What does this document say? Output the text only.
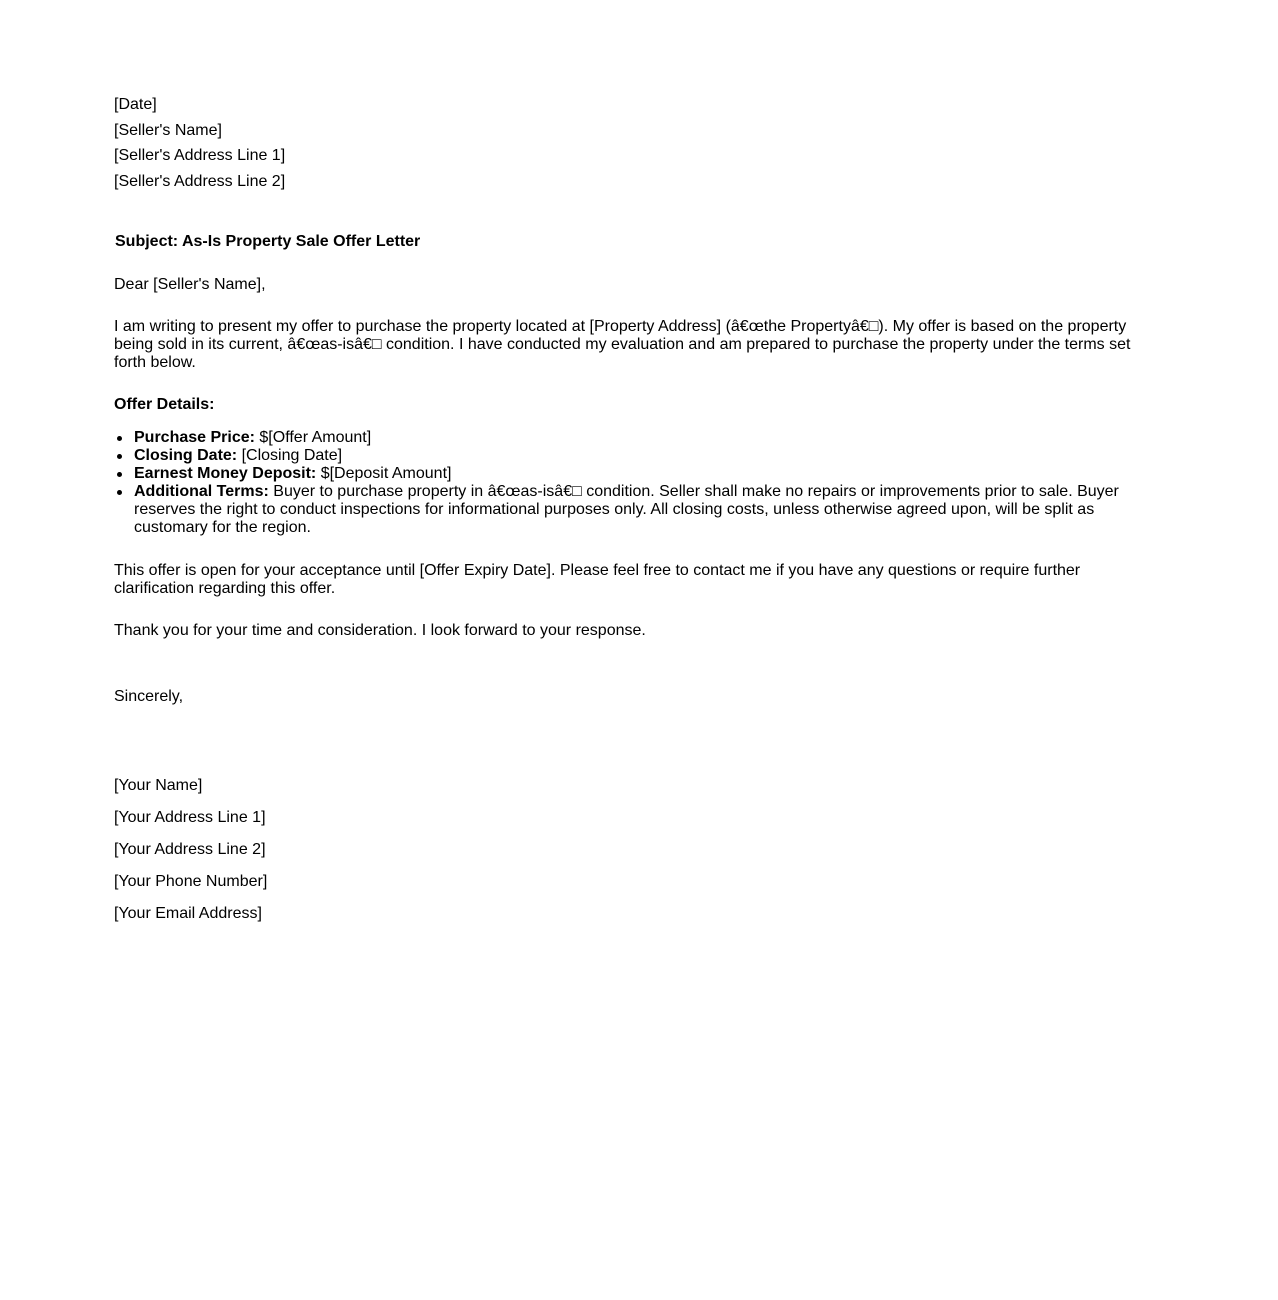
[Date]
[Seller's Name]
[Seller's Address Line 1]
[Seller's Address Line 2]
Subject: As-Is Property Sale Offer Letter
Dear [Seller's Name],
I am writing to present my offer to purchase the property located at [Property Address] (â€œthe Propertyâ€□). My offer is based on the property being sold in its current, â€œas-isâ€□ condition. I have conducted my evaluation and am prepared to purchase the property under the terms set forth below.
Offer Details:
Purchase Price: $[Offer Amount]
Closing Date: [Closing Date]
Earnest Money Deposit: $[Deposit Amount]
Additional Terms: Buyer to purchase property in â€œas-isâ€□ condition. Seller shall make no repairs or improvements prior to sale. Buyer reserves the right to conduct inspections for informational purposes only. All closing costs, unless otherwise agreed upon, will be split as customary for the region.
This offer is open for your acceptance until [Offer Expiry Date]. Please feel free to contact me if you have any questions or require further clarification regarding this offer.
Thank you for your time and consideration. I look forward to your response.
Sincerely,
[Your Name]
[Your Address Line 1]
[Your Address Line 2]
[Your Phone Number]
[Your Email Address]
